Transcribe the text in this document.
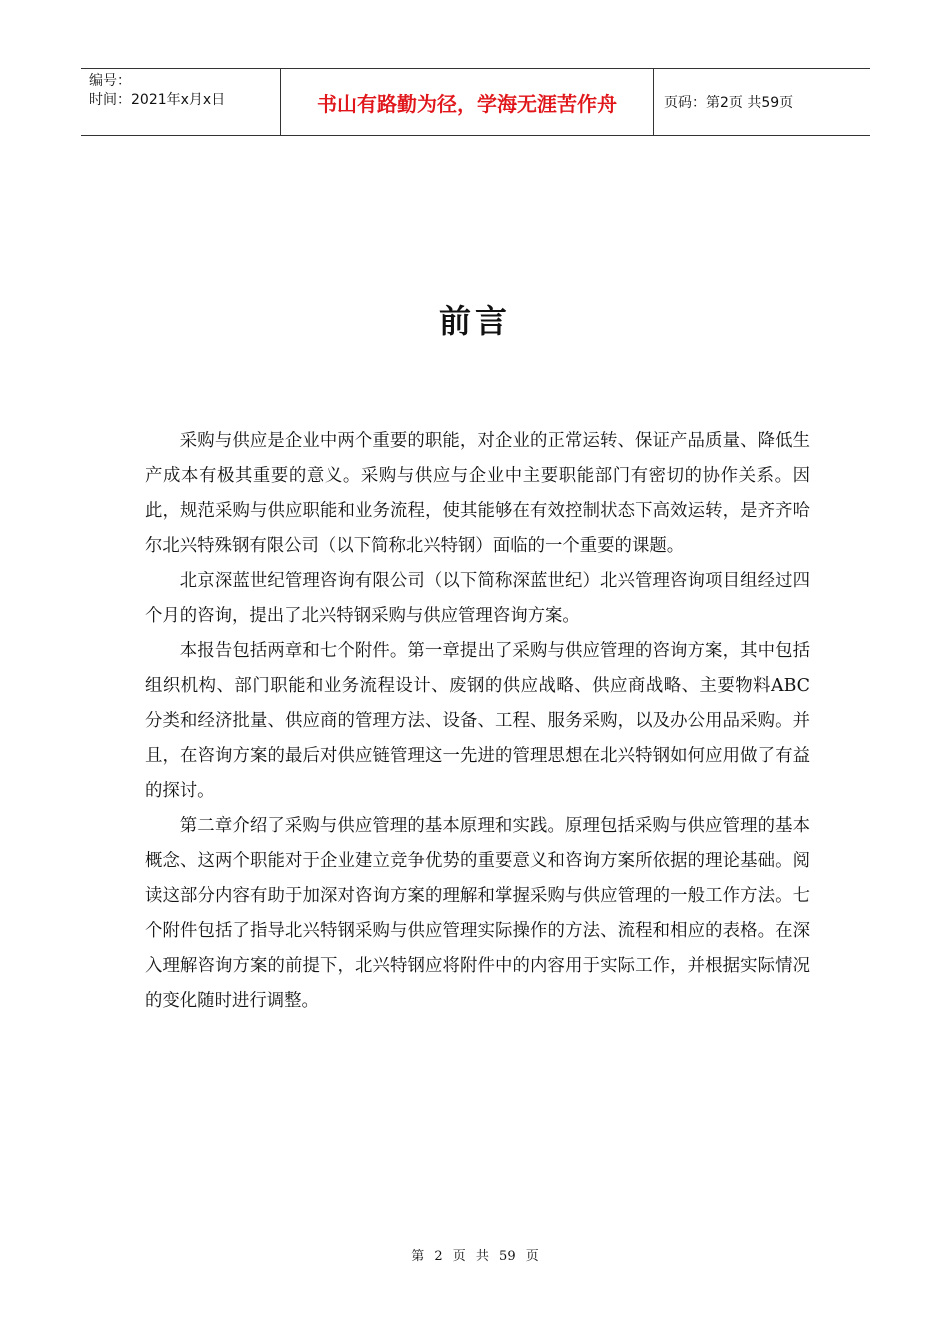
编号：
时间：2021年x月x日	书山有路勤为径，学海无涯苦作舟	页码：第2页 共59页
前言

采购与供应是企业中两个重要的职能，对企业的正常运转、保证产品质量、降低生产成本有极其重要的意义。采购与供应与企业中主要职能部门有密切的协作关系。因此，规范采购与供应职能和业务流程，使其能够在有效控制状态下高效运转，是齐齐哈尔北兴特殊钢有限公司（以下简称北兴特钢）面临的一个重要的课题。

北京深蓝世纪管理咨询有限公司（以下简称深蓝世纪）北兴管理咨询项目组经过四个月的咨询，提出了北兴特钢采购与供应管理咨询方案。

本报告包括两章和七个附件。第一章提出了采购与供应管理的咨询方案，其中包括组织机构、部门职能和业务流程设计、废钢的供应战略、供应商战略、主要物料ABC分类和经济批量、供应商的管理方法、设备、工程、服务采购，以及办公用品采购。并且，在咨询方案的最后对供应链管理这一先进的管理思想在北兴特钢如何应用做了有益的探讨。

第二章介绍了采购与供应管理的基本原理和实践。原理包括采购与供应管理的基本概念、这两个职能对于企业建立竞争优势的重要意义和咨询方案所依据的理论基础。阅读这部分内容有助于加深对咨询方案的理解和掌握采购与供应管理的一般工作方法。七个附件包括了指导北兴特钢采购与供应管理实际操作的方法、流程和相应的表格。在深入理解咨询方案的前提下，北兴特钢应将附件中的内容用于实际工作，并根据实际情况的变化随时进行调整。

第 2 页 共 59 页
